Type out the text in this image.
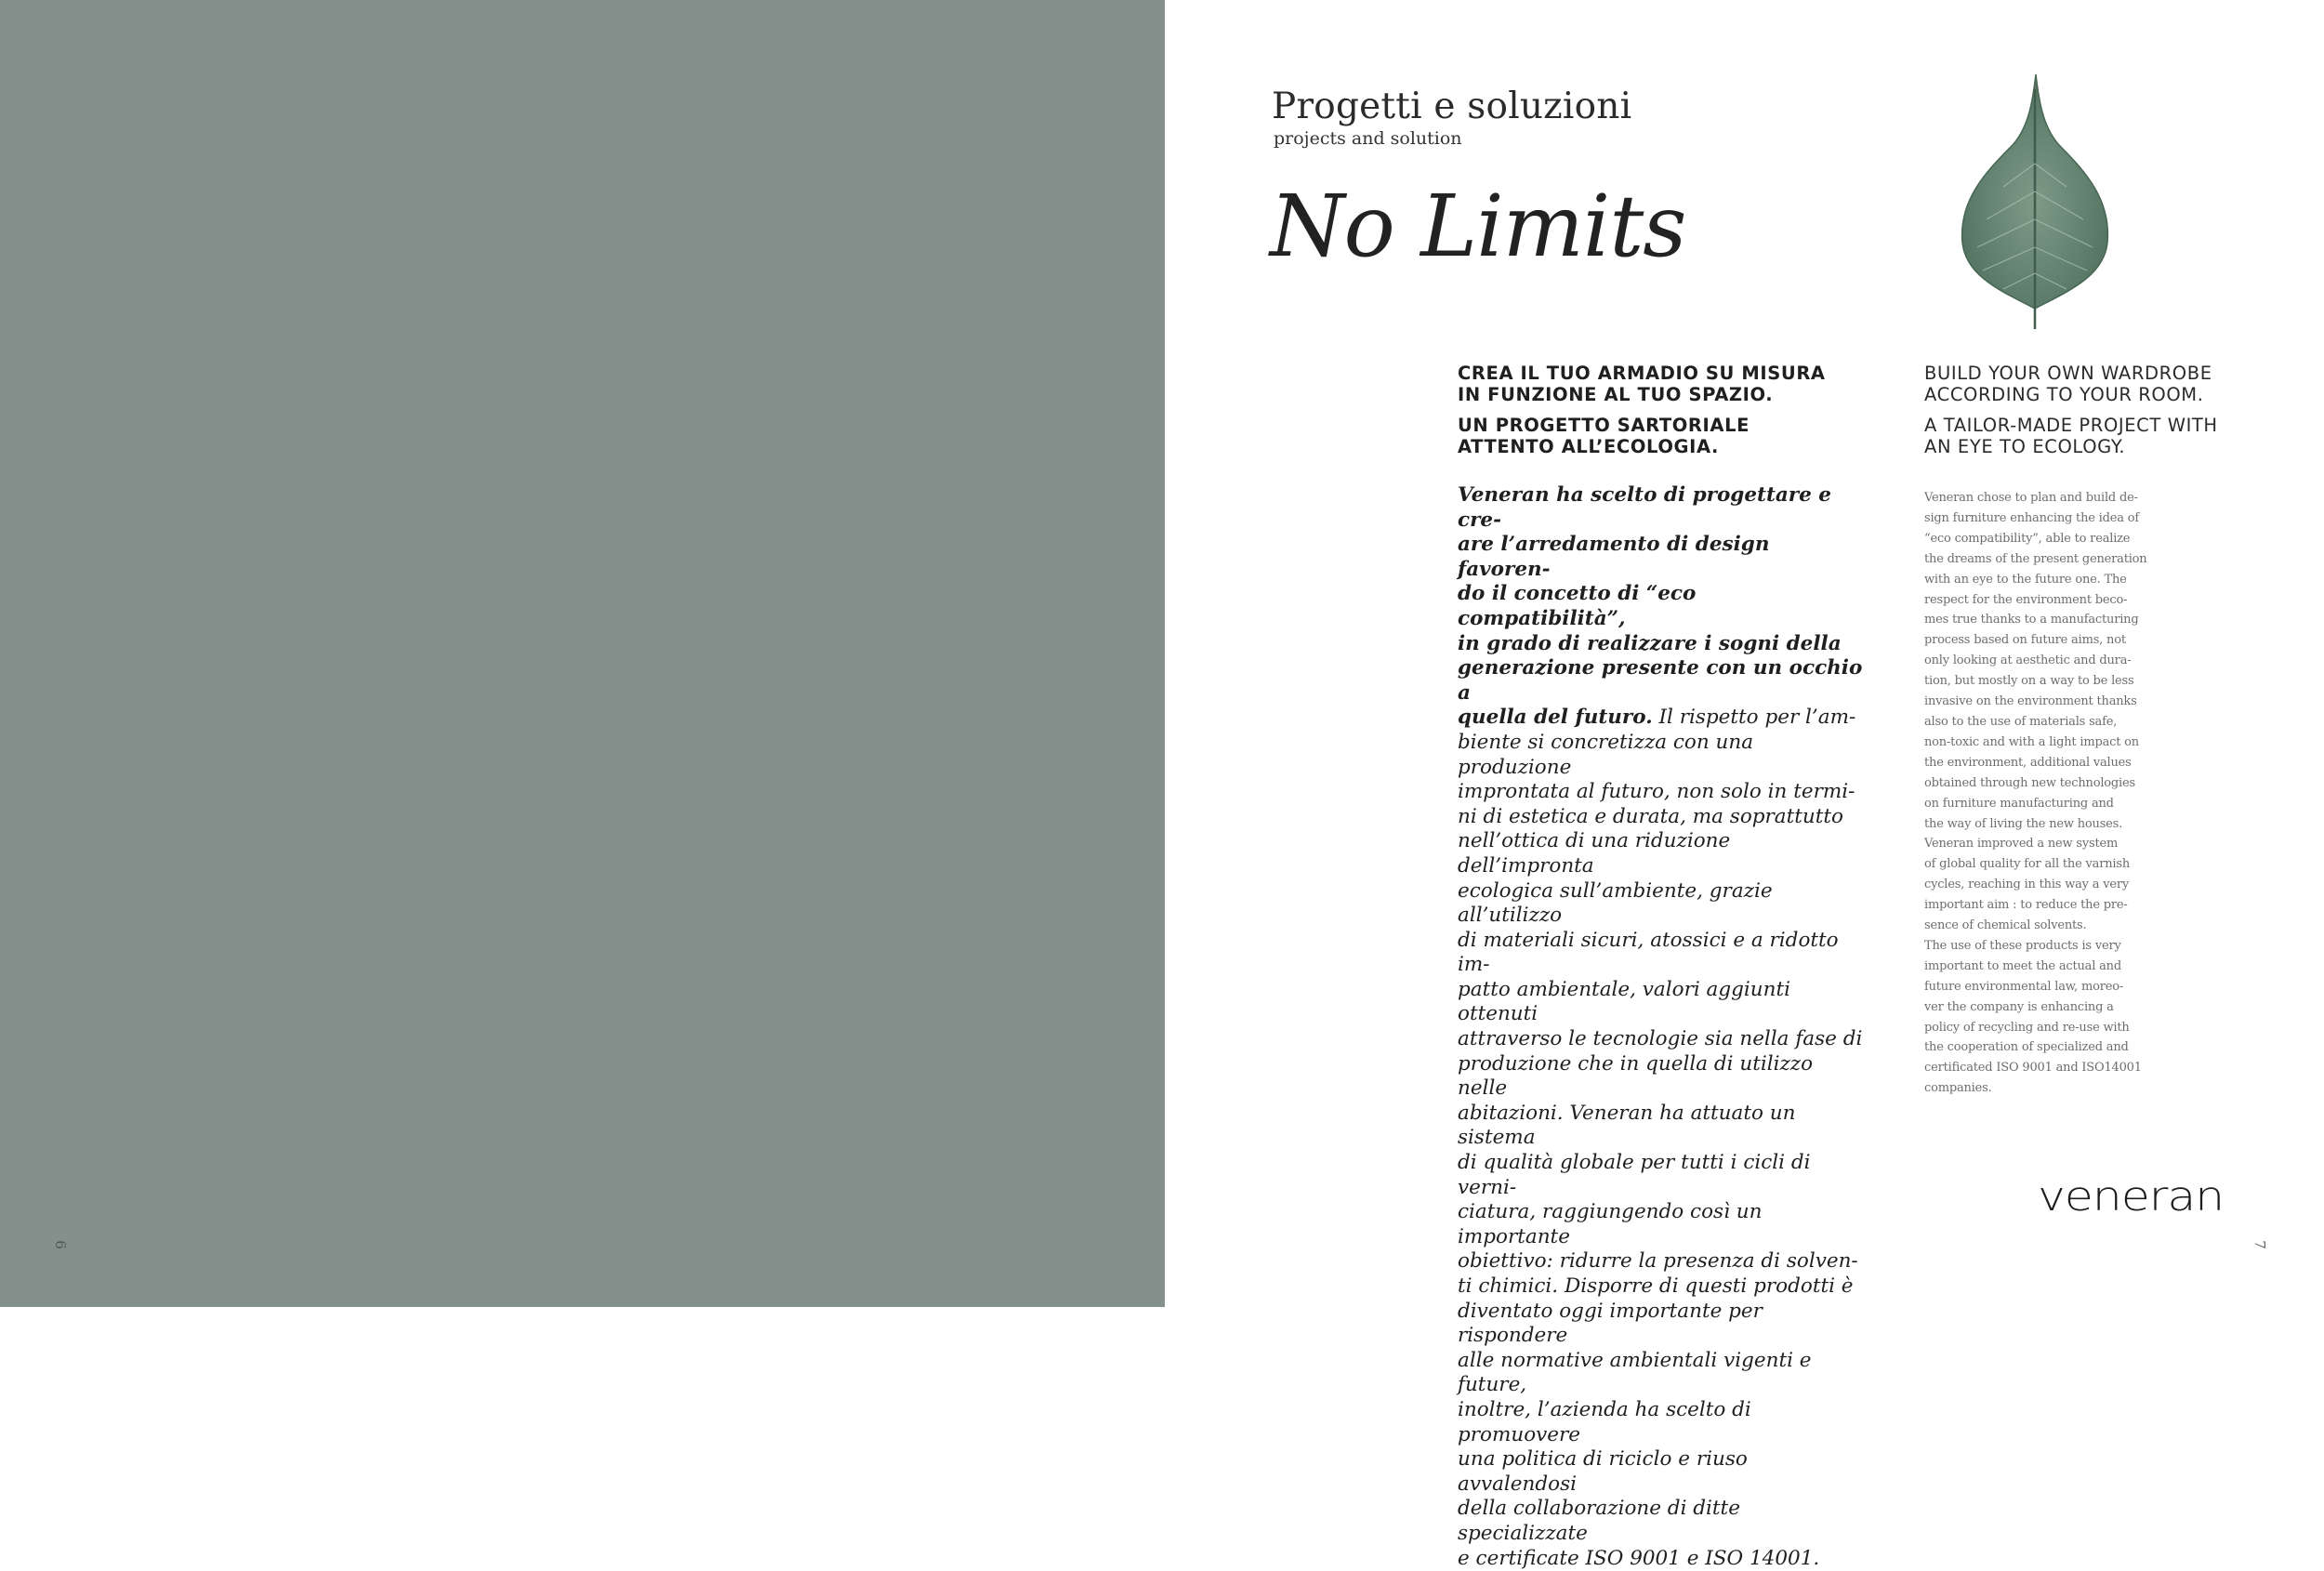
6
Progetti e soluzioni
projects and solution
No Limits

CREA IL TUO ARMADIO SU MISURA
IN FUNZIONE AL TUO SPAZIO.

UN PROGETTO SARTORIALE
ATTENTO ALL’ECOLOGIA.

BUILD YOUR OWN WARDROBE
ACCORDING TO YOUR ROOM.

A TAILOR-MADE PROJECT WITH
AN EYE TO ECOLOGY.

Veneran ha scelto di progettare e cre-
are l’arredamento di design favoren-
do il concetto di “eco compatibilità”,
in grado di realizzare i sogni della
generazione presente con un occhio a
quella del futuro. Il rispetto per l’am-
biente si concretizza con una produzione
improntata al futuro, non solo in termi-
ni di estetica e durata, ma soprattutto
nell’ottica di una riduzione dell’impronta
ecologica sull’ambiente, grazie all’utilizzo
di materiali sicuri, atossici e a ridotto im-
patto ambientale, valori aggiunti ottenuti
attraverso le tecnologie sia nella fase di
produzione che in quella di utilizzo nelle
abitazioni. Veneran ha attuato un sistema
di qualità globale per tutti i cicli di verni-
ciatura, raggiungendo così un importante
obiettivo: ridurre la presenza di solven-
ti chimici. Disporre di questi prodotti è
diventato oggi importante per rispondere
alle normative ambientali vigenti e future,
inoltre, l’azienda ha scelto di promuovere
una politica di riciclo e riuso avvalendosi
della collaborazione di ditte specializzate
e certificate ISO 9001 e ISO 14001.
Veneran chose to plan and build de-
sign furniture enhancing the idea of
“eco compatibility”, able to realize
the dreams of the present generation
with an eye to the future one. The
respect for the environment beco-
mes true thanks to a manufacturing
process based on future aims, not
only looking at aesthetic and dura-
tion, but mostly on a way to be less
invasive on the environment thanks
also to the use of materials safe,
non-toxic and with a light impact on
the environment, additional values
obtained through new technologies
on furniture manufacturing and
the way of living the new houses.
Veneran improved a new system
of global quality for all the varnish
cycles, reaching in this way a very
important aim : to reduce the pre-
sence of chemical solvents.
The use of these products is very
important to meet the actual and
future environmental law, moreo-
ver the company is enhancing a
policy of recycling and re-use with
the cooperation of specialized and
certificated ISO 9001 and ISO14001
companies.
veneran
7
